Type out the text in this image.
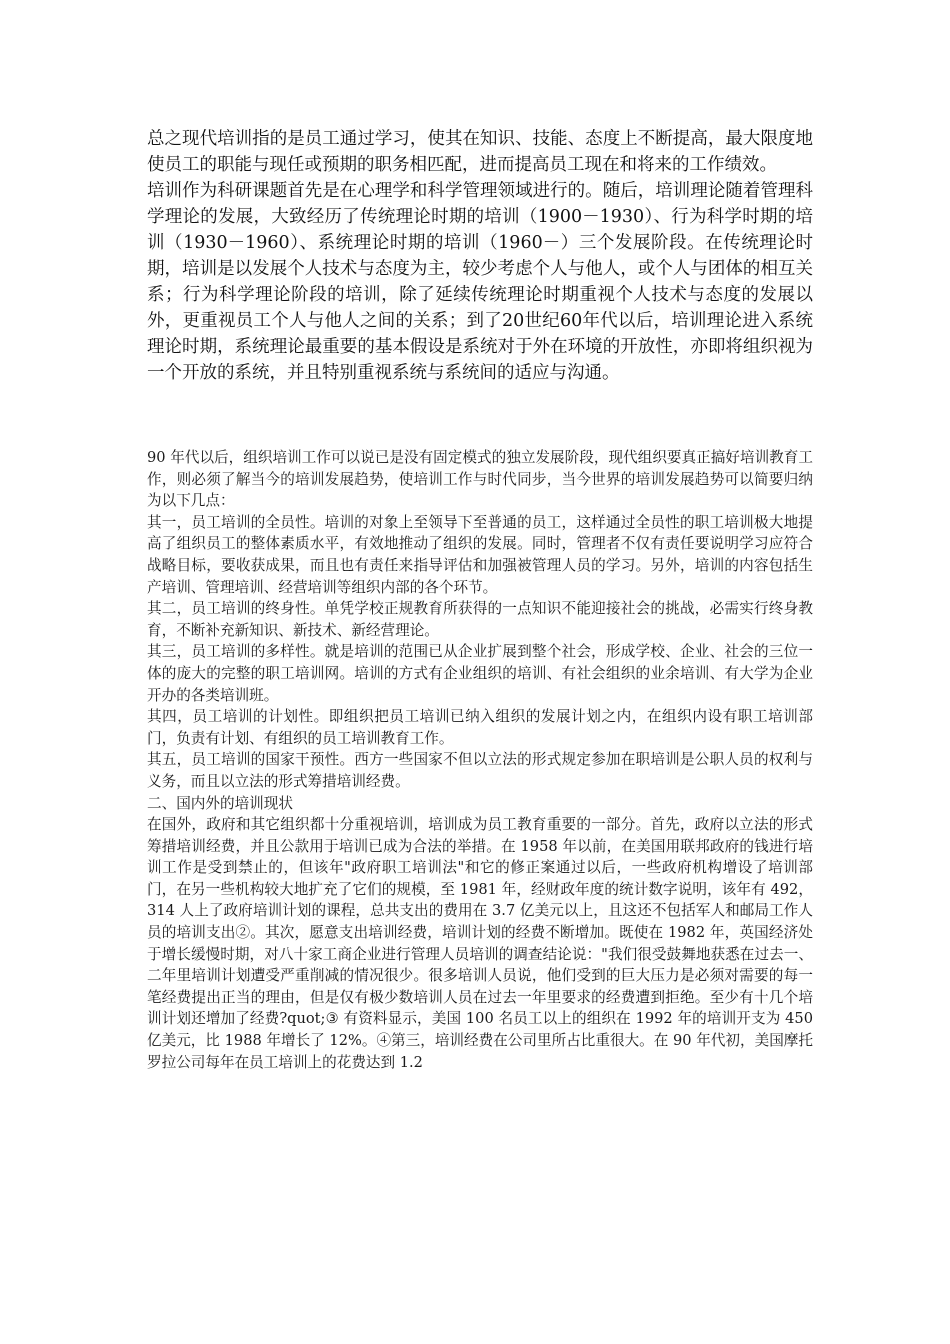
总之现代培训指的是员工通过学习，使其在知识、技能、态度上不断提高，最大限度地使员工的职能与现任或预期的职务相匹配，进而提高员工现在和将来的工作绩效。

培训作为科研课题首先是在心理学和科学管理领域进行的。随后，培训理论随着管理科学理论的发展，大致经历了传统理论时期的培训（1900－1930）、行为科学时期的培训（1930－1960）、系统理论时期的培训（1960－）三个发展阶段。在传统理论时期，培训是以发展个人技术与态度为主，较少考虑个人与他人，或个人与团体的相互关系；行为科学理论阶段的培训，除了延续传统理论时期重视个人技术与态度的发展以外，更重视员工个人与他人之间的关系；到了20世纪60年代以后，培训理论进入系统理论时期，系统理论最重要的基本假设是系统对于外在环境的开放性，亦即将组织视为一个开放的系统，并且特别重视系统与系统间的适应与沟通。

90 年代以后，组织培训工作可以说已是没有固定模式的独立发展阶段，现代组织要真正搞好培训教育工作，则必须了解当今的培训发展趋势，使培训工作与时代同步，当今世界的培训发展趋势可以简要归纳为以下几点：

其一，员工培训的全员性。培训的对象上至领导下至普通的员工，这样通过全员性的职工培训极大地提高了组织员工的整体素质水平，有效地推动了组织的发展。同时，管理者不仅有责任要说明学习应符合战略目标，要收获成果，而且也有责任来指导评估和加强被管理人员的学习。另外，培训的内容包括生产培训、管理培训、经营培训等组织内部的各个环节。

其二，员工培训的终身性。单凭学校正规教育所获得的一点知识不能迎接社会的挑战，必需实行终身教育，不断补充新知识、新技术、新经营理论。

其三，员工培训的多样性。就是培训的范围已从企业扩展到整个社会，形成学校、企业、社会的三位一体的庞大的完整的职工培训网。培训的方式有企业组织的培训、有社会组织的业余培训、有大学为企业开办的各类培训班。

其四，员工培训的计划性。即组织把员工培训已纳入组织的发展计划之内，在组织内设有职工培训部门，负责有计划、有组织的员工培训教育工作。

其五，员工培训的国家干预性。西方一些国家不但以立法的形式规定参加在职培训是公职人员的权利与义务，而且以立法的形式筹措培训经费。

二、国内外的培训现状

在国外，政府和其它组织都十分重视培训，培训成为员工教育重要的一部分。首先，政府以立法的形式筹措培训经费，并且公款用于培训已成为合法的举措。在 1958 年以前，在美国用联邦政府的钱进行培训工作是受到禁止的，但该年"政府职工培训法"和它的修正案通过以后，一些政府机构增设了培训部门，在另一些机构较大地扩充了它们的规模，至 1981 年，经财政年度的统计数字说明，该年有 492，314 人上了政府培训计划的课程，总共支出的费用在 3.7 亿美元以上，且这还不包括军人和邮局工作人员的培训支出②。其次，愿意支出培训经费，培训计划的经费不断增加。既使在 1982 年，英国经济处于增长缓慢时期，对八十家工商企业进行管理人员培训的调查结论说："我们很受鼓舞地获悉在过去一、二年里培训计划遭受严重削减的情况很少。很多培训人员说，他们受到的巨大压力是必须对需要的每一笔经费提出正当的理由，但是仅有极少数培训人员在过去一年里要求的经费遭到拒绝。至少有十几个培训计划还增加了经费?quot;③ 有资料显示，美国 100 名员工以上的组织在 1992 年的培训开支为 450 亿美元，比 1988 年增长了 12%。④第三，培训经费在公司里所占比重很大。在 90 年代初，美国摩托罗拉公司每年在员工培训上的花费达到 1.2
